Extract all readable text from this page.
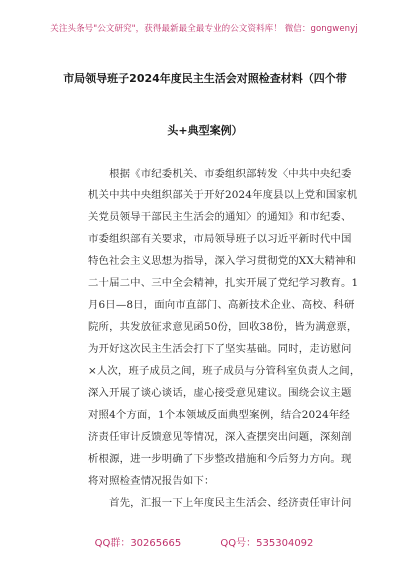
关注头条号"公文研究"，获得最新最全最专业的公文资料库！ 微信：gongwenyj
市局领导班子2024年度民主生活会对照检查材料（四个带
头+典型案例）
　　根据《市纪委机关、市委组织部转发〈中共中央纪委
机关中共中央组织部关于开好2024年度县以上党和国家机
关党员领导干部民主生活会的通知〉的通知》和市纪委、
市委组织部有关要求，市局领导班子以习近平新时代中国
特色社会主义思想为指导，深入学习贯彻党的XX大精神和
二十届二中、三中全会精神，扎实开展了党纪学习教育。1
月6日—8日，面向市直部门、高新技术企业、高校、科研
院所，共发放征求意见函50份，回收38份，皆为满意票，
为开好这次民主生活会打下了坚实基础。同时，走访慰问
×人次，班子成员之间，班子成员与分管科室负责人之间，
深入开展了谈心谈话，虚心接受意见建议。围绕会议主题
对照4个方面，1个本领域反面典型案例，结合2024年经
济责任审计反馈意见等情况，深入查摆突出问题，深刻剖
析根源，进一步明确了下步整改措施和今后努力方向。现
将对照检查情况报告如下：
　　首先，汇报一下上年度民主生活会、经济责任审计问
QQ群：30265665	QQ号：535304092
